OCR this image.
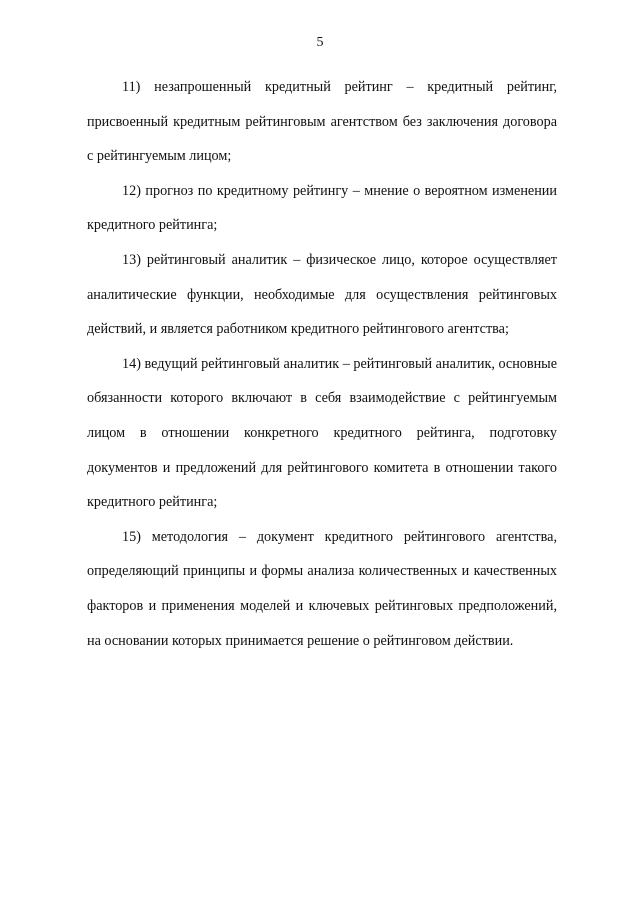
5

11) незапрошенный кредитный рейтинг – кредитный рейтинг, присвоенный кредитным рейтинговым агентством без заключения договора с рейтингуемым лицом;

12) прогноз по кредитному рейтингу – мнение о вероятном изменении кредитного рейтинга;

13) рейтинговый аналитик – физическое лицо, которое осуществляет аналитические функции, необходимые для осуществления рейтинговых действий, и является работником кредитного рейтингового агентства;

14) ведущий рейтинговый аналитик – рейтинговый аналитик, основные обязанности которого включают в себя взаимодействие с рейтингуемым лицом в отношении конкретного кредитного рейтинга, подготовку документов и предложений для рейтингового комитета в отношении такого кредитного рейтинга;

15) методология – документ кредитного рейтингового агентства, определяющий принципы и формы анализа количественных и качественных факторов и применения моделей и ключевых рейтинговых предположений, на основании которых принимается решение о рейтинговом действии.
